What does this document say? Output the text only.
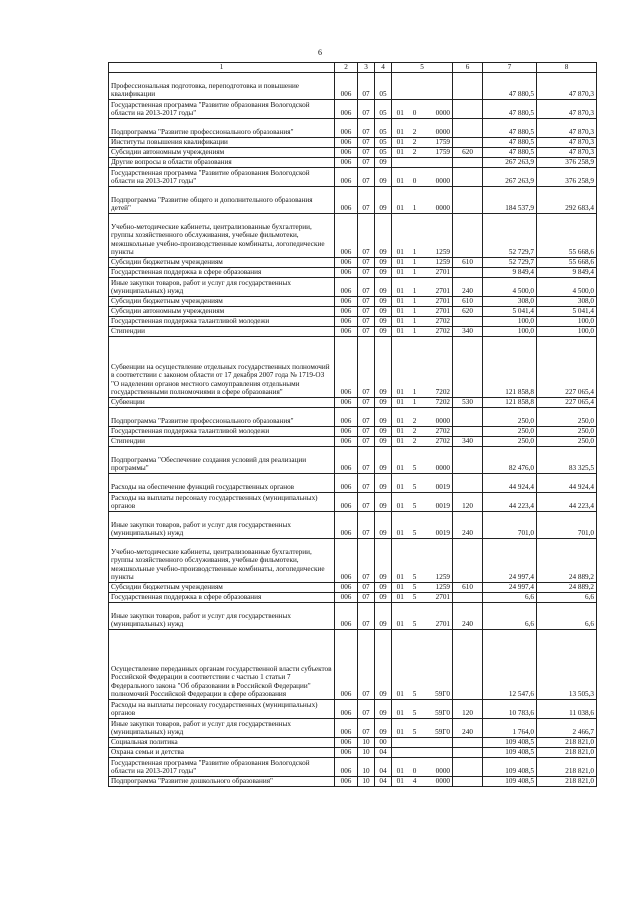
6
1	2	3	4	5			6	7	8
Профессиональная подготовка, переподготовка и повышение квалификации	006	07	05					47 880,5	47 870,3
Государственная программа "Развитие образования Вологодской области на 2013-2017 годы"	006	07	05	01	0	0000		47 880,5	47 870,3
Подпрограмма "Развитие профессионального образования"	006	07	05	01	2	0000		47 880,5	47 870,3
Институты повышения квалификации	006	07	05	01	2	1759		47 880,5	47 870,3
Субсидии автономным учреждениям	006	07	05	01	2	1759	620	47 880,5	47 870,3
Другие вопросы в области образования	006	07	09					267 263,9	376 258,9
Государственная программа "Развитие образования Вологодской области на 2013-2017 годы"	006	07	09	01	0	0000		267 263,9	376 258,9
Подпрограмма "Развитие общего и дополнительного образования детей"	006	07	09	01	1	0000		184 537,9	292 683,4
Учебно-методические кабинеты, централизованные бухгалтерии, группы хозяйственного обслуживания, учебные фильмотеки, межшкольные учебно-производственные комбинаты, логопедические пункты	006	07	09	01	1	1259		52 729,7	55 668,6
Субсидии бюджетным учреждениям	006	07	09	01	1	1259	610	52 729,7	55 668,6
Государственная поддержка в сфере образования	006	07	09	01	1	2701		9 849,4	9 849,4
Иные закупки товаров, работ и услуг для государственных (муниципальных) нужд	006	07	09	01	1	2701	240	4 500,0	4 500,0
Субсидии бюджетным учреждениям	006	07	09	01	1	2701	610	308,0	308,0
Субсидии автономным учреждениям	006	07	09	01	1	2701	620	5 041,4	5 041,4
Государственная поддержка талантливой молодежи	006	07	09	01	1	2702		100,0	100,0
Стипендии	006	07	09	01	1	2702	340	100,0	100,0
Субвенции на осуществление отдельных государственных полномочий в соответствии с законом области от 17 декабря 2007 года № 1719-ОЗ "О наделении органов местного самоуправления отдельными государственными полномочиями в сфере образования"	006	07	09	01	1	7202		121 858,8	227 065,4
Субвенции	006	07	09	01	1	7202	530	121 858,8	227 065,4
Подпрограмма "Развитие профессионального образования"	006	07	09	01	2	0000		250,0	250,0
Государственная поддержка талантливой молодежи	006	07	09	01	2	2702		250,0	250,0
Стипендии	006	07	09	01	2	2702	340	250,0	250,0
Подпрограмма "Обеспечение создания условий для реализации программы"	006	07	09	01	5	0000		82 476,0	83 325,5
Расходы на обеспечение функций государственных органов	006	07	09	01	5	0019		44 924,4	44 924,4
Расходы на выплаты персоналу государственных (муниципальных) органов	006	07	09	01	5	0019	120	44 223,4	44 223,4
Иные закупки товаров, работ и услуг для государственных (муниципальных) нужд	006	07	09	01	5	0019	240	701,0	701,0
Учебно-методические кабинеты, централизованные бухгалтерии, группы хозяйственного обслуживания, учебные фильмотеки, межшкольные учебно-производственные комбинаты, логопедические пункты	006	07	09	01	5	1259		24 997,4	24 889,2
Субсидии бюджетным учреждениям	006	07	09	01	5	1259	610	24 997,4	24 889,2
Государственная поддержка в сфере образования	006	07	09	01	5	2701		6,6	6,6
Иные закупки товаров, работ и услуг для государственных (муниципальных) нужд	006	07	09	01	5	2701	240	6,6	6,6
Осуществление переданных органам государственной власти субъектов Российской Федерации в соответствии с частью 1 статьи 7 Федерального закона "Об образовании в Российской Федерации" полномочий Российской Федерации в сфере образования	006	07	09	01	5	59Г0		12 547,6	13 505,3
Расходы на выплаты персоналу государственных (муниципальных) органов	006	07	09	01	5	59Г0	120	10 783,6	11 038,6
Иные закупки товаров, работ и услуг для государственных (муниципальных) нужд	006	07	09	01	5	59Г0	240	1 764,0	2 466,7
Социальная политика	006	10	00					109 408,5	218 821,0
Охрана семьи и детства	006	10	04					109 408,5	218 821,0
Государственная программа "Развитие образования Вологодской области на 2013-2017 годы"	006	10	04	01	0	0000		109 408,5	218 821,0
Подпрограмма "Развитие дошкольного образования"	006	10	04	01	4	0000		109 408,5	218 821,0
